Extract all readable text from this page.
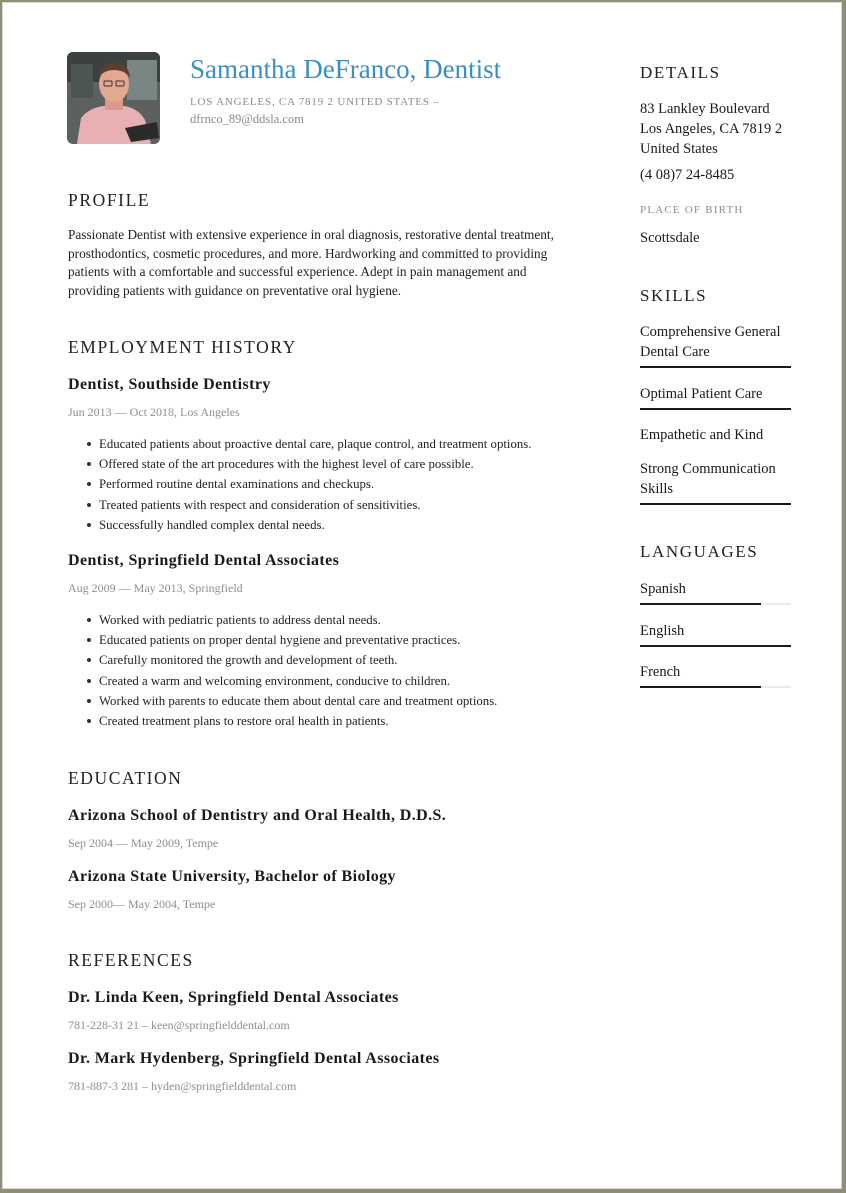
Samantha DeFranco, Dentist
LOS ANGELES, CA 7819 2 UNITED STATES –
dfrnco_89@ddsla.com
PROFILE
Passionate Dentist with extensive experience in oral diagnosis, restorative dental treatment, prosthodontics, cosmetic procedures, and more. Hardworking and committed to providing patients with a comfortable and successful experience. Adept in pain management and providing patients with guidance on preventative oral hygiene.
EMPLOYMENT HISTORY
Dentist, Southside Dentistry
Jun 2013 — Oct 2018, Los Angeles
Educated patients about proactive dental care, plaque control, and treatment options.
Offered state of the art procedures with the highest level of care possible.
Performed routine dental examinations and checkups.
Treated patients with respect and consideration of sensitivities.
Successfully handled complex dental needs.
Dentist, Springfield Dental Associates
Aug 2009 — May 2013, Springfield
Worked with pediatric patients to address dental needs.
Educated patients on proper dental hygiene and preventative practices.
Carefully monitored the growth and development of teeth.
Created a warm and welcoming environment, conducive to children.
Worked with parents to educate them about dental care and treatment options.
Created treatment plans to restore oral health in patients.
EDUCATION
Arizona School of Dentistry and Oral Health, D.D.S.
Sep 2004 — May 2009, Tempe
Arizona State University, Bachelor of Biology
Sep 2000— May 2004, Tempe
REFERENCES
Dr. Linda Keen, Springfield Dental Associates
781-228-31 21 – keen@springfielddental.com
Dr. Mark Hydenberg, Springfield Dental Associates
781-887-3 281 – hyden@springfielddental.com
DETAILS
83 Lankley Boulevard
Los Angeles, CA 7819 2
United States
(4 08)7 24-8485
PLACE OF BIRTH
Scottsdale
SKILLS
Comprehensive General Dental Care
Optimal Patient Care
Empathetic and Kind
Strong Communication Skills
LANGUAGES
Spanish
English
French
